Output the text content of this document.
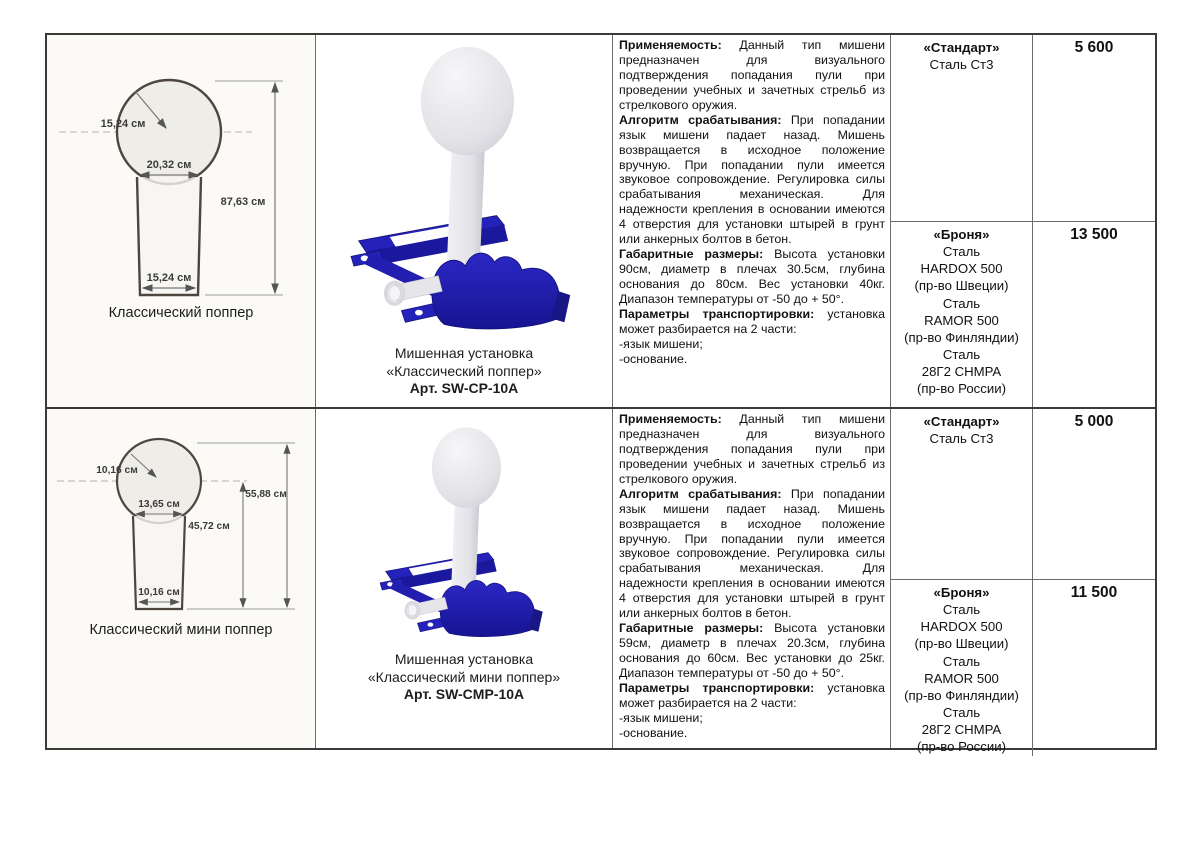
15,24 см
20,32 см
15,24 см
87,63 см
Классический поппер
Мишенная установка
«Классический поппер»
Арт. SW-CP-10A

Применяемость: Данный тип мишени предназначен для визуального подтверждения попадания пули при проведении учебных и зачетных стрельб из стрелкового оружия.

Алгоритм срабатывания: При попадании язык мишени падает назад. Мишень возвращается в исходное положение вручную. При попадании пули имеется звуковое сопровождение. Регулировка силы срабатывания механическая. Для надежности крепления в основании имеются 4 отверстия для установки штырей в грунт или анкерных болтов в бетон.

Габаритные размеры: Высота установки 90см, диаметр в плечах 30.5см, глубина основания до 80см. Вес установки 40кг. Диапазон температуры от -50 до + 50°.

Параметры транспортировки: установка может разбирается на 2 части:

-язык мишени;

-основание.

«Стандарт»
Сталь Ст3
5 600
«Броня»
Сталь
HARDOX 500
(пр-во Швеции)
Сталь
RAMOR 500
(пр-во Финляндии)
Сталь
28Г2 CHMPA
(пр-во России)
13 500
10,16 см
13,65 см
10,16 см
45,72 см
55,88 см
Классический мини поппер
Мишенная установка
«Классический мини поппер»
Арт. SW-CMP-10A

Применяемость: Данный тип мишени предназначен для визуального подтверждения попадания пули при проведении учебных и зачетных стрельб из стрелкового оружия.

Алгоритм срабатывания: При попадании язык мишени падает назад. Мишень возвращается в исходное положение вручную. При попадании пули имеется звуковое сопровождение. Регулировка силы срабатывания механическая. Для надежности крепления в основании имеются 4 отверстия для установки штырей в грунт или анкерных болтов в бетон.

Габаритные размеры: Высота установки 59см, диаметр в плечах 20.3см, глубина основания до 60см. Вес установки до 25кг. Диапазон температуры от -50 до + 50°.

Параметры транспортировки: установка может разбирается на 2 части:

-язык мишени;

-основание.

«Стандарт»
Сталь Ст3
5 000
«Броня»
Сталь
HARDOX 500
(пр-во Швеции)
Сталь
RAMOR 500
(пр-во Финляндии)
Сталь
28Г2 CHMPA
(пр-во России)
11 500
